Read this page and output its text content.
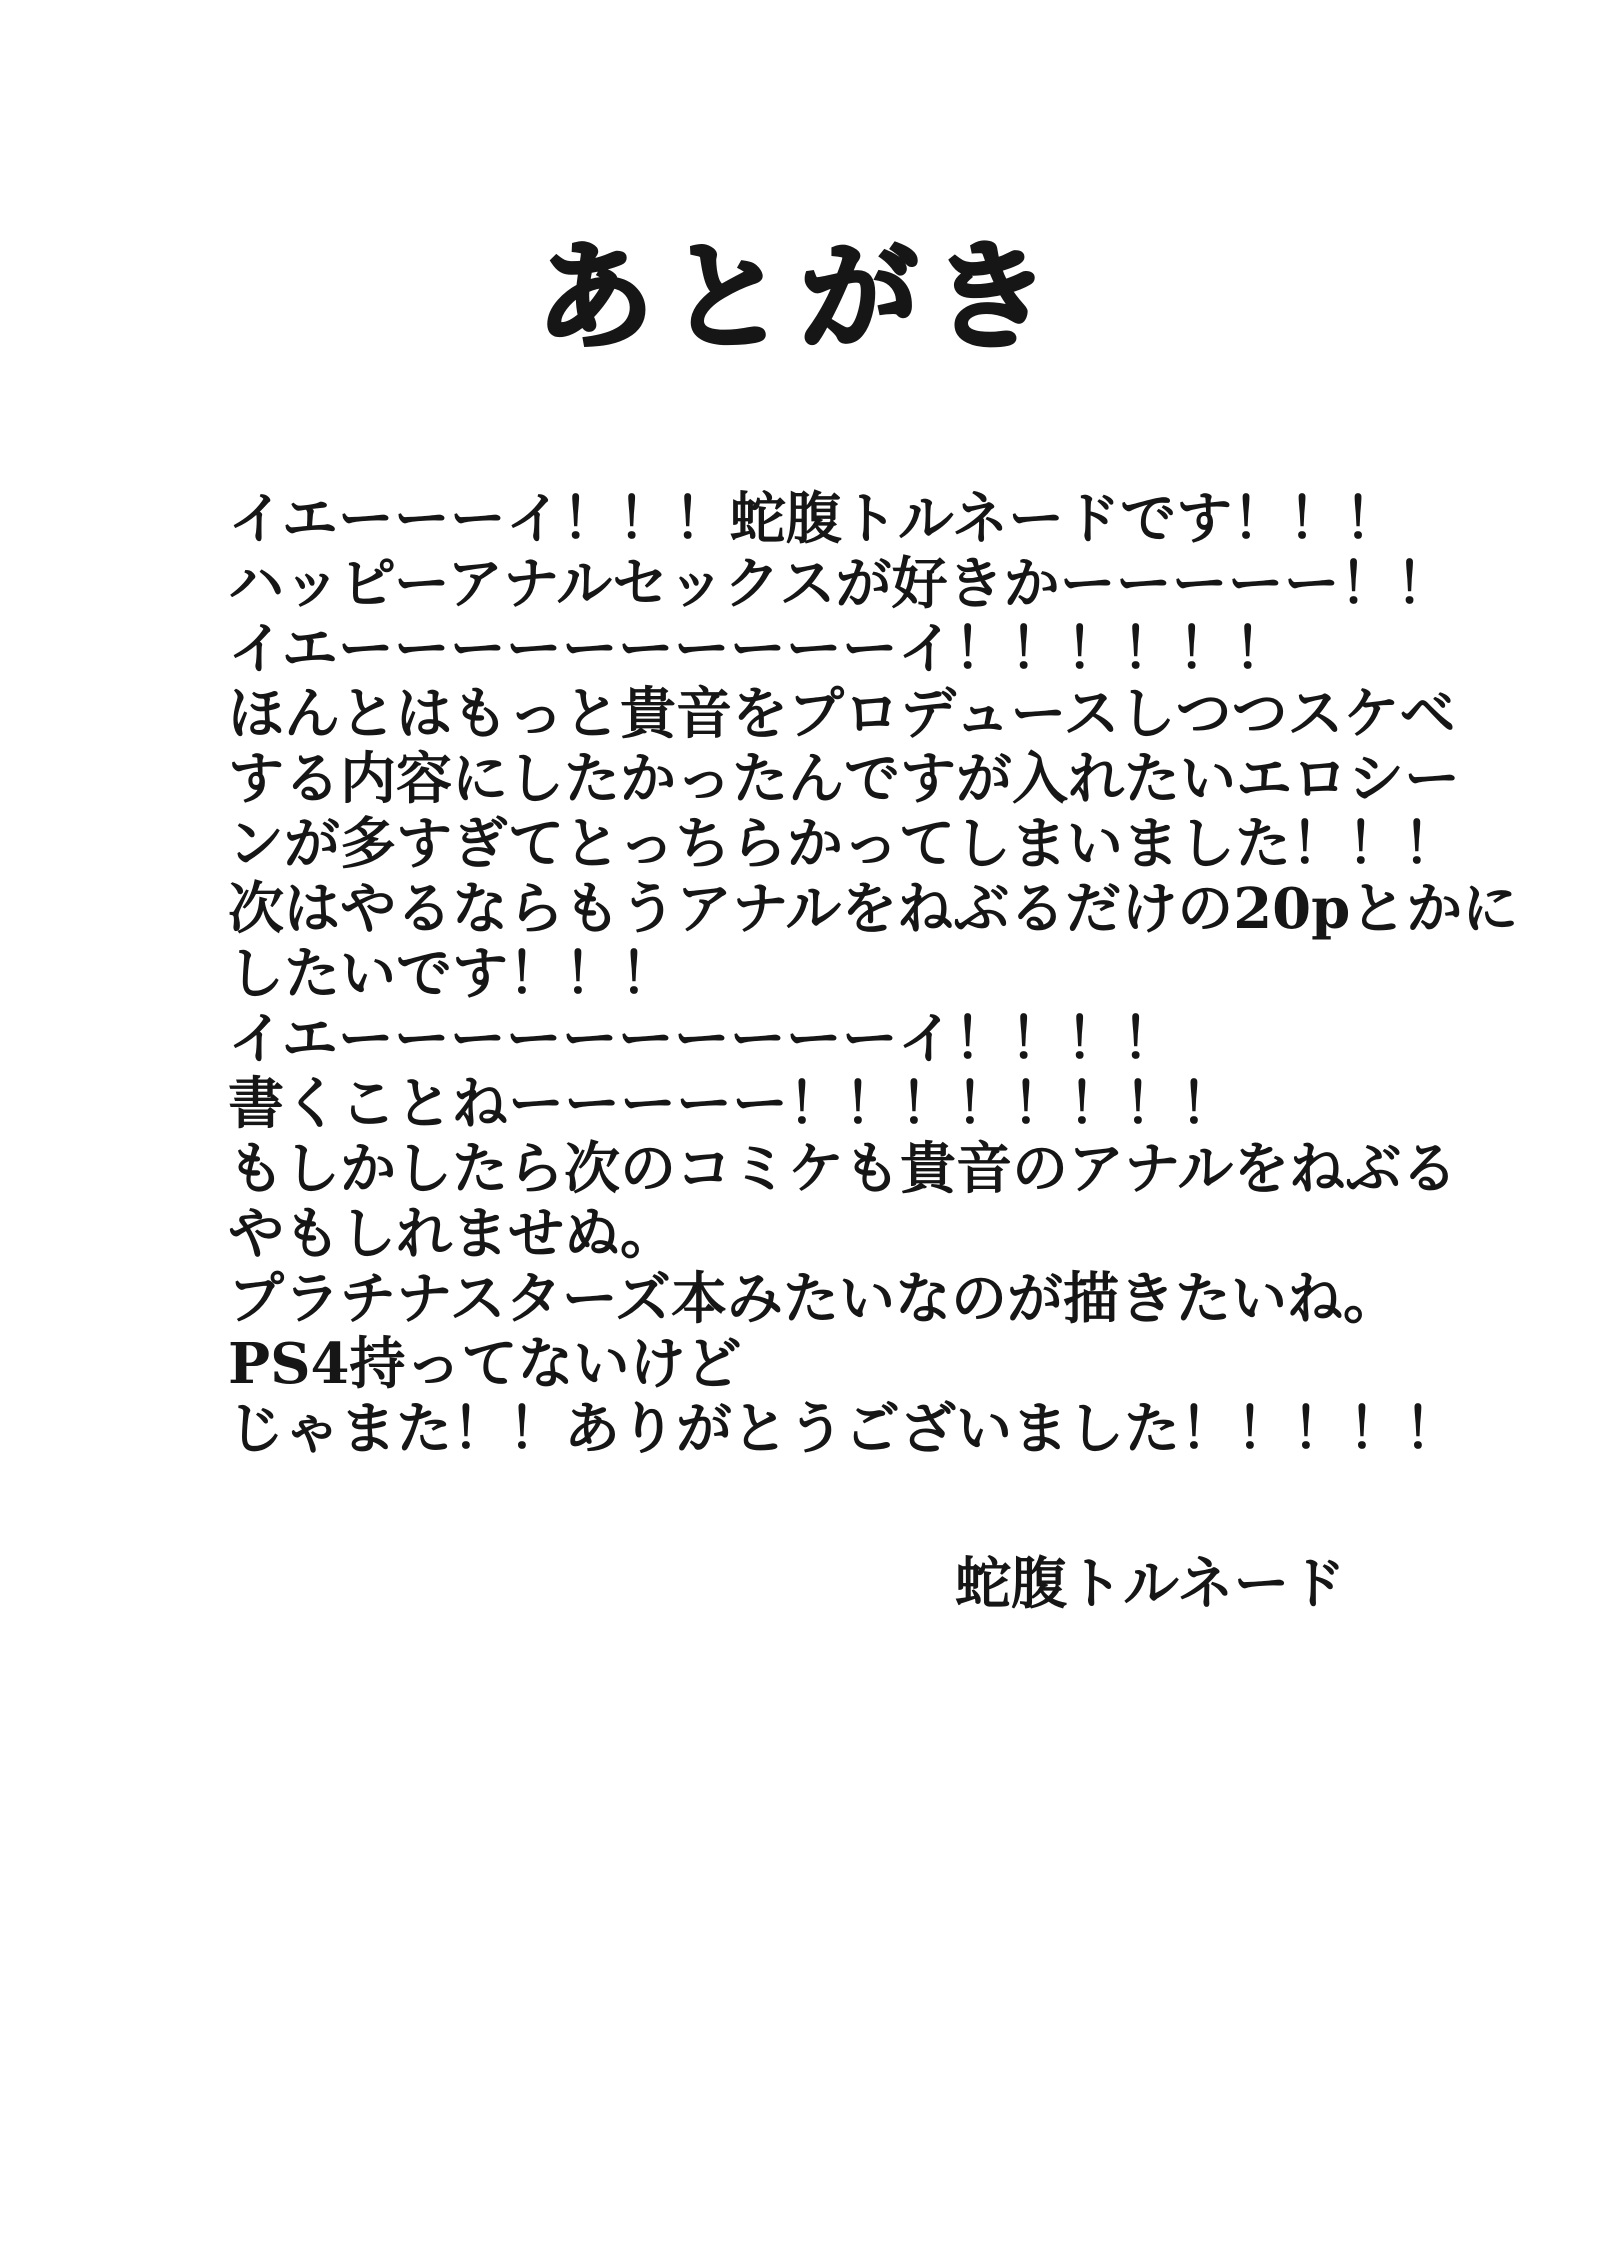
あとがき
イエーーーイ！！！蛇腹トルネードです！！！
ハッピーアナルセックスが好きかーーーーー！！
イエーーーーーーーーーーイ！！！！！！
ほんとはもっと貴音をプロデュースしつつスケベ
する内容にしたかったんですが入れたいエロシー
ンが多すぎてとっちらかってしまいました！！！
次はやるならもうアナルをねぶるだけの20pとかに
したいです！！！
イエーーーーーーーーーーイ！！！！
書くことねーーーーー！！！！！！！！
もしかしたら次のコミケも貴音のアナルをねぶる
やもしれませぬ。
プラチナスターズ本みたいなのが描きたいね。
PS4持ってないけど
じゃまた！！ありがとうございました！！！！！
蛇腹トルネード
